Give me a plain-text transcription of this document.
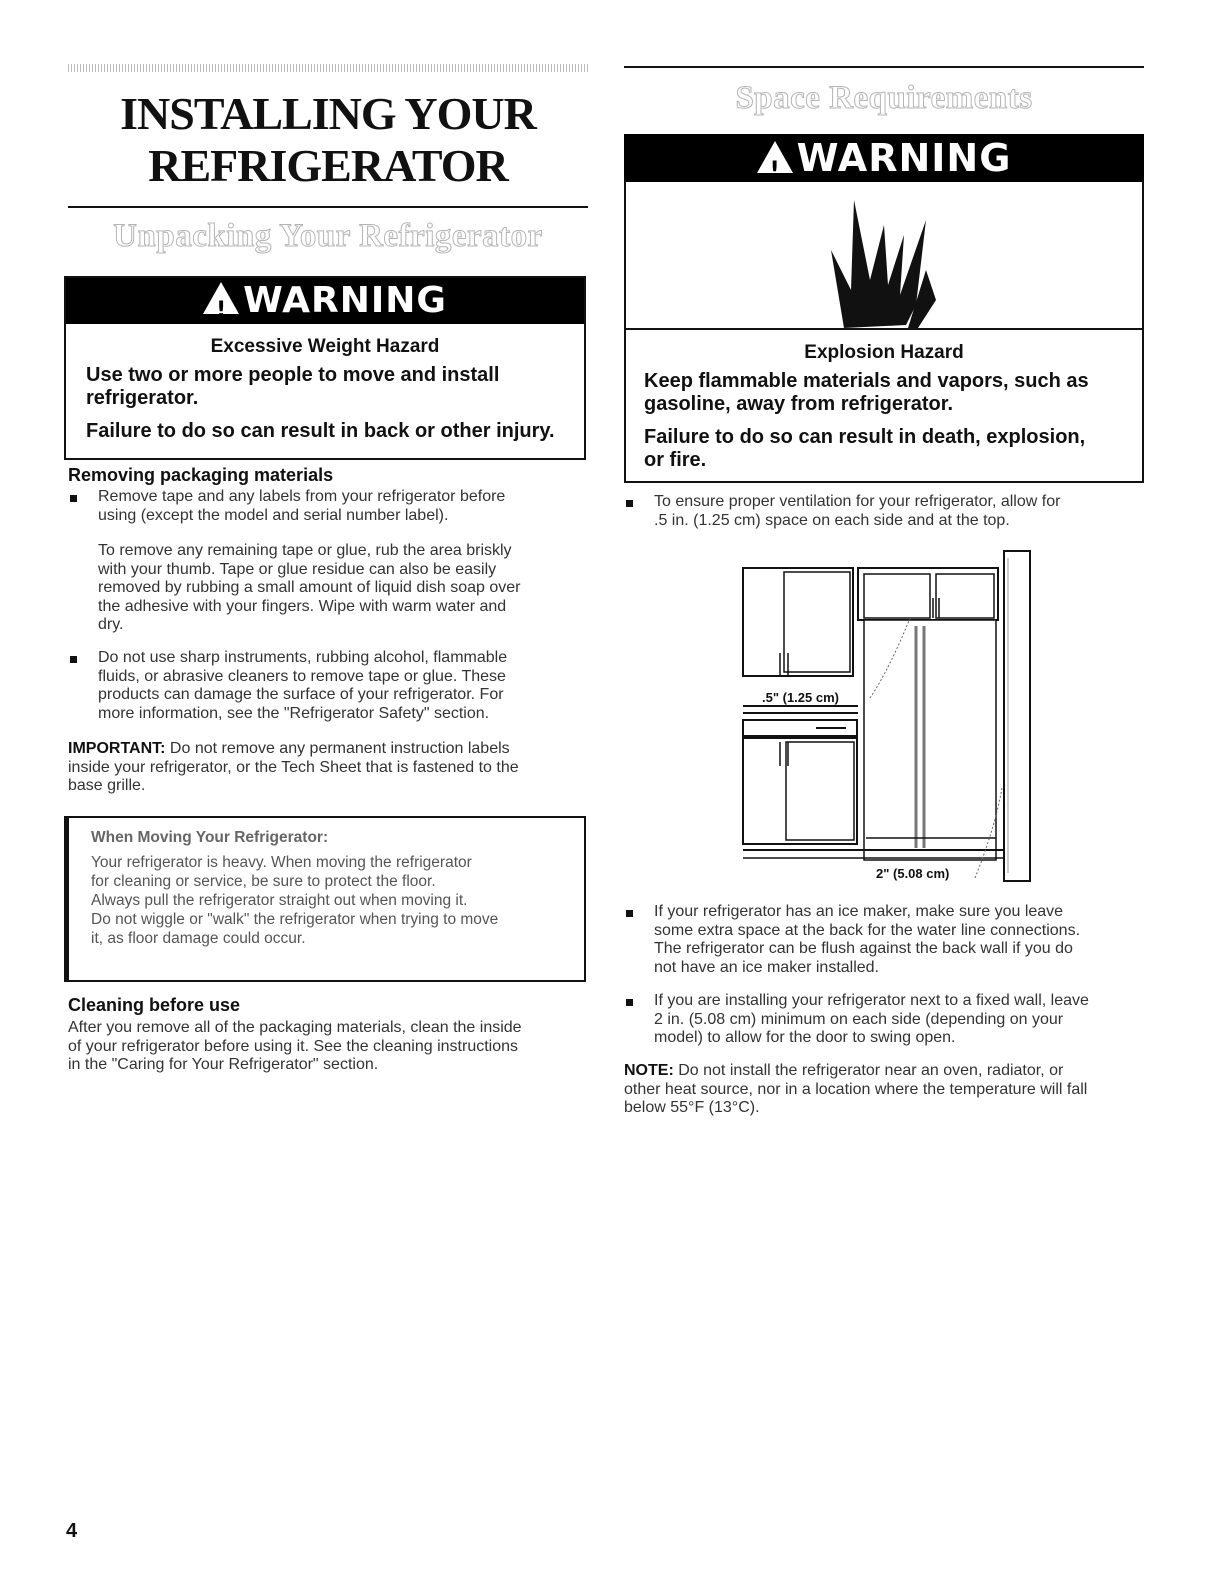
INSTALLING YOUR
REFRIGERATOR
Unpacking Your Refrigerator
!WARNING

Excessive Weight Hazard

Use two or more people to move and install

refrigerator.

Failure to do so can result in back or other injury.

Removing packaging materials

Remove tape and any labels from your refrigerator before

using (except the model and serial number label).

To remove any remaining tape or glue, rub the area briskly

with your thumb. Tape or glue residue can also be easily

removed by rubbing a small amount of liquid dish soap over

the adhesive with your fingers. Wipe with warm water and

dry.

Do not use sharp instruments, rubbing alcohol, flammable

fluids, or abrasive cleaners to remove tape or glue. These

products can damage the surface of your refrigerator. For

more information, see the "Refrigerator Safety" section.

IMPORTANT: Do not remove any permanent instruction labels

inside your refrigerator, or the Tech Sheet that is fastened to the

base grille.

When Moving Your Refrigerator:

Your refrigerator is heavy. When moving the refrigerator

for cleaning or service, be sure to protect the floor.

Always pull the refrigerator straight out when moving it.

Do not wiggle or "walk" the refrigerator when trying to move

it, as floor damage could occur.

Cleaning before use

After you remove all of the packaging materials, clean the inside

of your refrigerator before using it. See the cleaning instructions

in the "Caring for Your Refrigerator" section.

4
Space Requirements
!WARNING

Explosion Hazard

Keep flammable materials and vapors, such as

gasoline, away from refrigerator.

Failure to do so can result in death, explosion,

or fire.

To ensure proper ventilation for your refrigerator, allow for

.5 in. (1.25 cm) space on each side and at the top.

.5" (1.25 cm)
2" (5.08 cm)

If your refrigerator has an ice maker, make sure you leave

some extra space at the back for the water line connections.

The refrigerator can be flush against the back wall if you do

not have an ice maker installed.

If you are installing your refrigerator next to a fixed wall, leave

2 in. (5.08 cm) minimum on each side (depending on your

model) to allow for the door to swing open.

NOTE: Do not install the refrigerator near an oven, radiator, or

other heat source, nor in a location where the temperature will fall

below 55°F (13°C).
